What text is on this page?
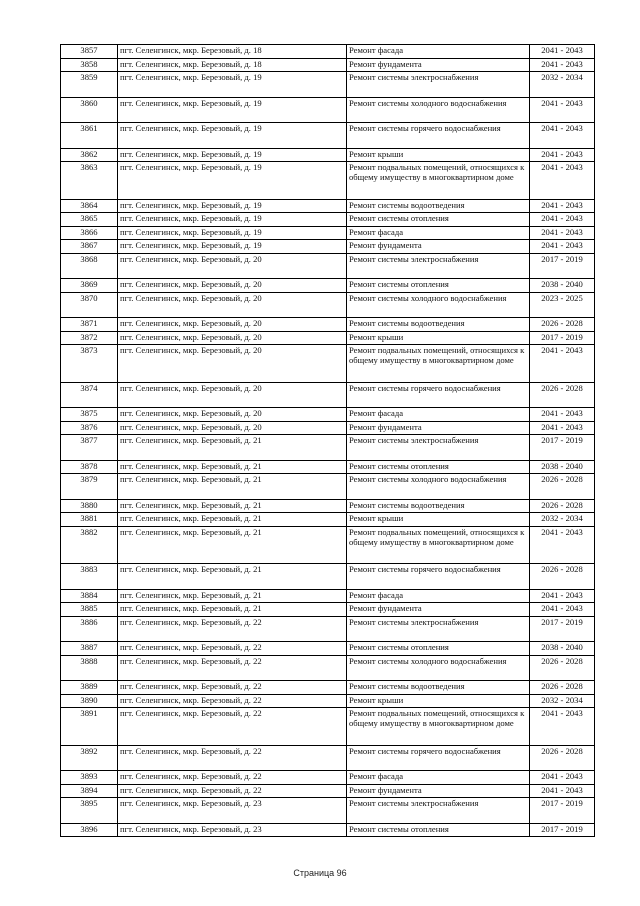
3857	пгт. Селенгинск, мкр. Березовый, д. 18	Ремонт фасада	2041 - 2043
3858	пгт. Селенгинск, мкр. Березовый, д. 18	Ремонт фундамента	2041 - 2043
3859	пгт. Селенгинск, мкр. Березовый, д. 19	Ремонт системы электроснабжения	2032 - 2034
3860	пгт. Селенгинск, мкр. Березовый, д. 19	Ремонт системы холодного водоснабжения	2041 - 2043
3861	пгт. Селенгинск, мкр. Березовый, д. 19	Ремонт системы горячего водоснабжения	2041 - 2043
3862	пгт. Селенгинск, мкр. Березовый, д. 19	Ремонт крыши	2041 - 2043
3863	пгт. Селенгинск, мкр. Березовый, д. 19	Ремонт подвальных помещений, относящихся к общему имуществу в многоквартирном доме	2041 - 2043
3864	пгт. Селенгинск, мкр. Березовый, д. 19	Ремонт системы водоотведения	2041 - 2043
3865	пгт. Селенгинск, мкр. Березовый, д. 19	Ремонт системы отопления	2041 - 2043
3866	пгт. Селенгинск, мкр. Березовый, д. 19	Ремонт фасада	2041 - 2043
3867	пгт. Селенгинск, мкр. Березовый, д. 19	Ремонт фундамента	2041 - 2043
3868	пгт. Селенгинск, мкр. Березовый, д. 20	Ремонт системы электроснабжения	2017 - 2019
3869	пгт. Селенгинск, мкр. Березовый, д. 20	Ремонт системы отопления	2038 - 2040
3870	пгт. Селенгинск, мкр. Березовый, д. 20	Ремонт системы холодного водоснабжения	2023 - 2025
3871	пгт. Селенгинск, мкр. Березовый, д. 20	Ремонт системы водоотведения	2026 - 2028
3872	пгт. Селенгинск, мкр. Березовый, д. 20	Ремонт крыши	2017 - 2019
3873	пгт. Селенгинск, мкр. Березовый, д. 20	Ремонт подвальных помещений, относящихся к общему имуществу в многоквартирном доме	2041 - 2043
3874	пгт. Селенгинск, мкр. Березовый, д. 20	Ремонт системы горячего водоснабжения	2026 - 2028
3875	пгт. Селенгинск, мкр. Березовый, д. 20	Ремонт фасада	2041 - 2043
3876	пгт. Селенгинск, мкр. Березовый, д. 20	Ремонт фундамента	2041 - 2043
3877	пгт. Селенгинск, мкр. Березовый, д. 21	Ремонт системы электроснабжения	2017 - 2019
3878	пгт. Селенгинск, мкр. Березовый, д. 21	Ремонт системы отопления	2038 - 2040
3879	пгт. Селенгинск, мкр. Березовый, д. 21	Ремонт системы холодного водоснабжения	2026 - 2028
3880	пгт. Селенгинск, мкр. Березовый, д. 21	Ремонт системы водоотведения	2026 - 2028
3881	пгт. Селенгинск, мкр. Березовый, д. 21	Ремонт крыши	2032 - 2034
3882	пгт. Селенгинск, мкр. Березовый, д. 21	Ремонт подвальных помещений, относящихся к общему имуществу в многоквартирном доме	2041 - 2043
3883	пгт. Селенгинск, мкр. Березовый, д. 21	Ремонт системы горячего водоснабжения	2026 - 2028
3884	пгт. Селенгинск, мкр. Березовый, д. 21	Ремонт фасада	2041 - 2043
3885	пгт. Селенгинск, мкр. Березовый, д. 21	Ремонт фундамента	2041 - 2043
3886	пгт. Селенгинск, мкр. Березовый, д. 22	Ремонт системы электроснабжения	2017 - 2019
3887	пгт. Селенгинск, мкр. Березовый, д. 22	Ремонт системы отопления	2038 - 2040
3888	пгт. Селенгинск, мкр. Березовый, д. 22	Ремонт системы холодного водоснабжения	2026 - 2028
3889	пгт. Селенгинск, мкр. Березовый, д. 22	Ремонт системы водоотведения	2026 - 2028
3890	пгт. Селенгинск, мкр. Березовый, д. 22	Ремонт крыши	2032 - 2034
3891	пгт. Селенгинск, мкр. Березовый, д. 22	Ремонт подвальных помещений, относящихся к общему имуществу в многоквартирном доме	2041 - 2043
3892	пгт. Селенгинск, мкр. Березовый, д. 22	Ремонт системы горячего водоснабжения	2026 - 2028
3893	пгт. Селенгинск, мкр. Березовый, д. 22	Ремонт фасада	2041 - 2043
3894	пгт. Селенгинск, мкр. Березовый, д. 22	Ремонт фундамента	2041 - 2043
3895	пгт. Селенгинск, мкр. Березовый, д. 23	Ремонт системы электроснабжения	2017 - 2019
3896	пгт. Селенгинск, мкр. Березовый, д. 23	Ремонт системы отопления	2017 - 2019
Страница 96
